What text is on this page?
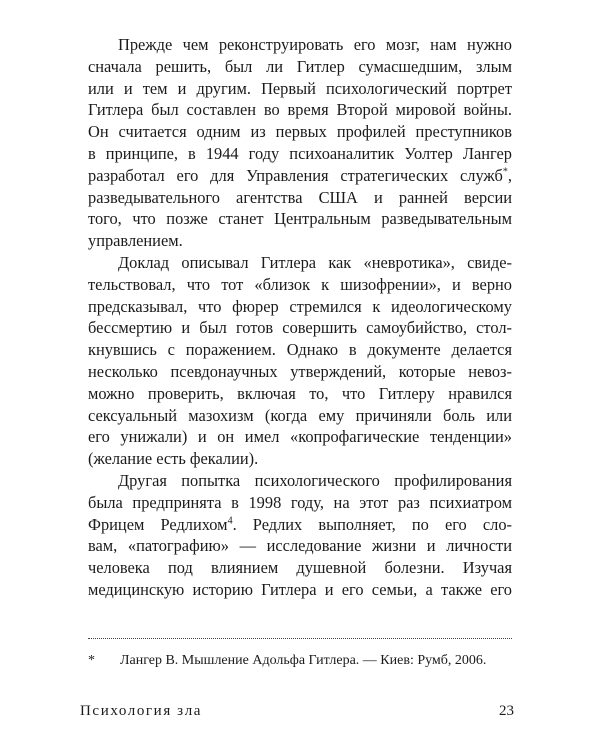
Прежде чем реконструировать его мозг, нам нужно
сначала решить, был ли Гитлер сумасшедшим, злым
или и тем и другим. Первый психологический портрет
Гитлера был составлен во время Второй мировой войны.
Он считается одним из первых профилей преступников
в принципе, в 1944 году психоаналитик Уолтер Лангер
разработал его для Управления стратегических служб*,
разведывательного агентства США и ранней версии
того, что позже станет Центральным разведывательным
управлением.
Доклад описывал Гитлера как «невротика», свиде-
тельствовал, что тот «близок к шизофрении», и верно
предсказывал, что фюрер стремился к идеологическому
бессмертию и был готов совершить самоубийство, стол-
кнувшись с поражением. Однако в документе делается
несколько псевдонаучных утверждений, которые невоз-
можно проверить, включая то, что Гитлеру нравился
сексуальный мазохизм (когда ему причиняли боль или
его унижали) и он имел «копрофагические тенденции»
(желание есть фекалии).
Другая попытка психологического профилирования
была предпринята в 1998 году, на этот раз психиатром
Фрицем Редлихом$^4$. Редлих выполняет, по его сло-
вам, «патографию» — исследование жизни и личности
человека под влиянием душевной болезни. Изучая
медицинскую историю Гитлера и его семьи, а также его
* Лангер В. Мышление Адольфа Гитлера. — Киев: Румб, 2006.
Психология зла	23
